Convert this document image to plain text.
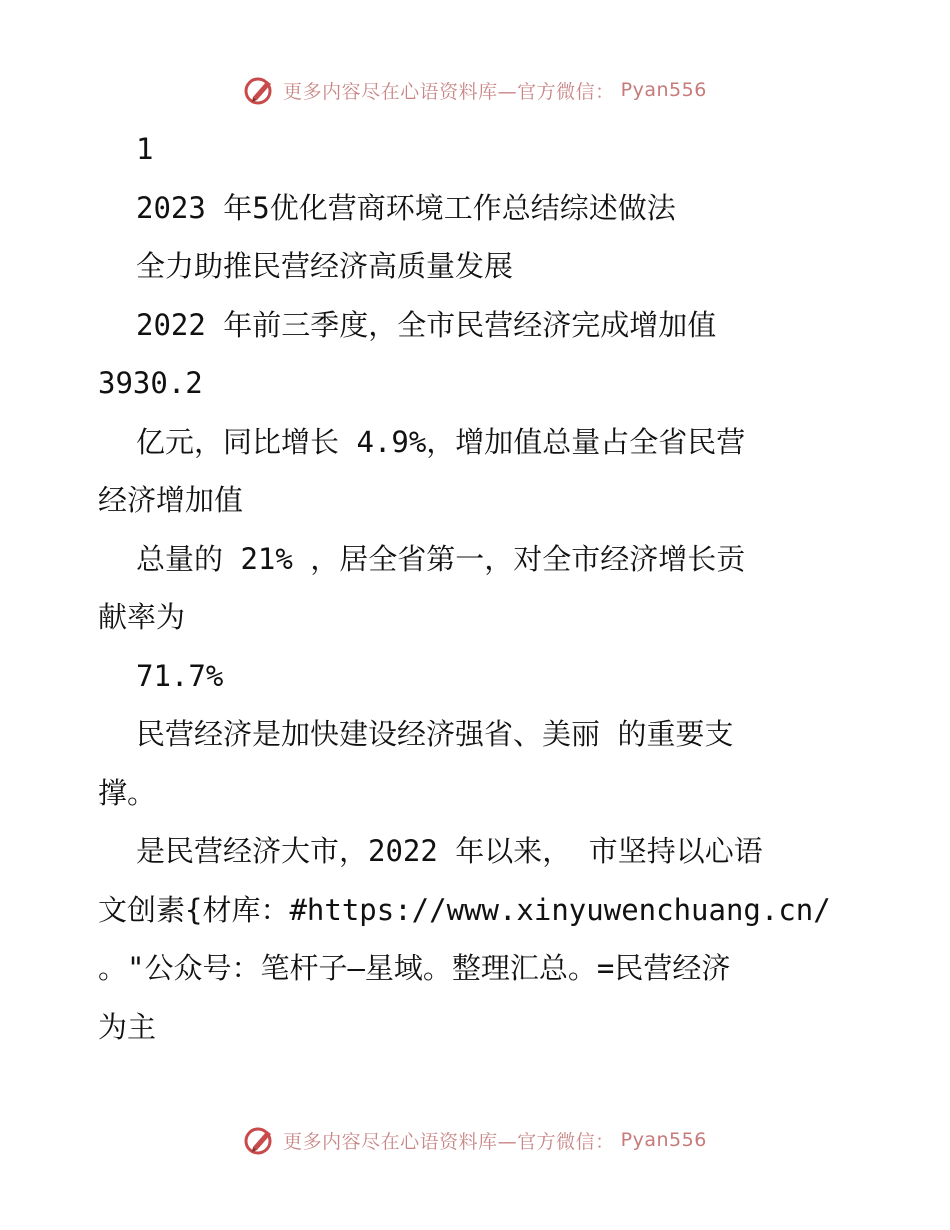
更多内容尽在心语资料库—官方微信： Pyan556
1
2023 年5优化营商环境工作总结综述做法
全力助推民营经济高质量发展
2022 年前三季度，全市民营经济完成增加值
3930.2
亿元，同比增长 4.9%，增加值总量占全省民营
经济增加值
总量的 21% ，居全省第一，对全市经济增长贡
献率为
71.7%
民营经济是加快建设经济强省、美丽 的重要支
撑。
是民营经济大市，2022 年以来， 市坚持以心语
文创素{材库：#https://www.xinyuwenchuang.cn/
。"公众号：笔杆子—星域。整理汇总。=民营经济
为主
更多内容尽在心语资料库—官方微信： Pyan556
